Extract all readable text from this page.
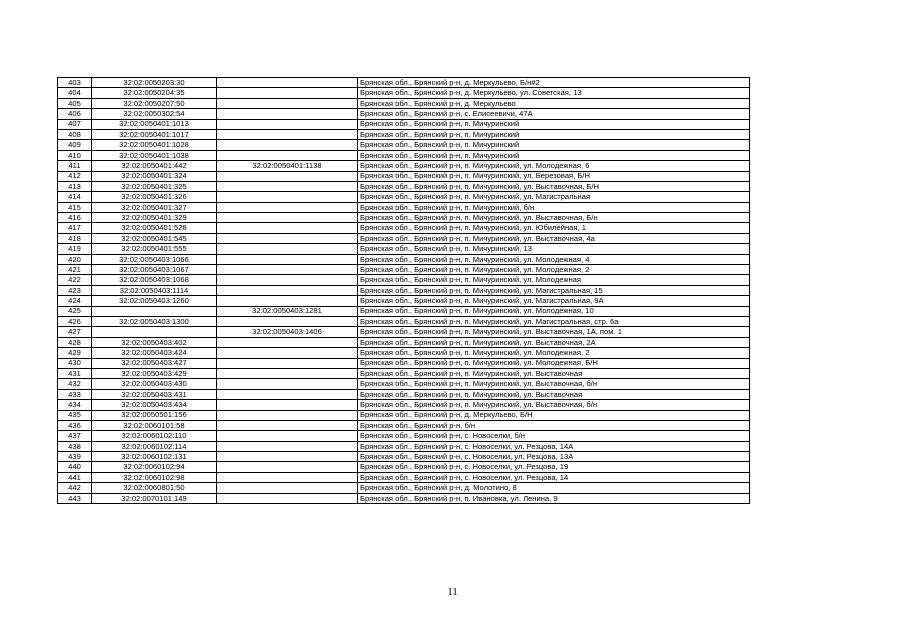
403	32:02:0050203:30		Брянская обл., Брянский р-н, д. Меркульево, Б/н#2
404	32:02:0050204:35		Брянская обл., Брянский р-н, д. Меркульево, ул. Советская, 13
405	32:02:0050207:50		Брянская обл., Брянский р-н, д. Меркульево
406	32:02:0050302:54		Брянская обл., Брянский р-н, с. Елисеевичи, 47А
407	32:02:0050401:1013		Брянская обл., Брянский р-н, п. Мичуринский
408	32:02:0050401:1017		Брянская обл., Брянский р-н, п. Мичуринский
409	32:02:0050401:1028		Брянская обл., Брянский р-н, п. Мичуринский
410	32:02:0050401:1038		Брянская обл., Брянский р-н, п. Мичуринский
411	32:02:0050401:442	32:02:0050401:1138	Брянская обл., Брянский р-н, п. Мичуринский, ул. Молодежная, 6
412	32:02:0050401:324		Брянская обл., Брянский р-н, п. Мичуринский, ул. Березовая, Б/Н
413	32:02:0050401:325		Брянская обл., Брянский р-н, п. Мичуринский, ул. Выставочная, Б/Н
414	32:02:0050401:326		Брянская обл., Брянский р-н, п. Мичуринский, ул. Магистральная
415	32:02:0050401:327		Брянская обл., Брянский р-н, п. Мичуринский, б/н
416	32:02:0050401:329		Брянская обл., Брянский р-н, п. Мичуринский, ул. Выставочная, Б/н
417	32:02:0050401:528		Брянская обл., Брянский р-н, п. Мичуринский, ул. Юбилейная, 1
418	32:02:0050401:545		Брянская обл., Брянский р-н, п. Мичуринский, ул. Выставочная, 4а
419	32:02:0050401:555		Брянская обл., Брянский р-н, п. Мичуринский, 13
420	32:02:0050403:1066		Брянская обл., Брянский р-н, п. Мичуринский, ул. Молодежная, 4
421	32:02:0050403:1067		Брянская обл., Брянский р-н, п. Мичуринский, ул. Молодежная, 2
422	32:02:0050403:1068		Брянская обл., Брянский р-н, п. Мичуринский, ул. Молодежная
423	32:02:0050403:1114		Брянская обл., Брянский р-н, п. Мичуринский, ул. Магистральная, 15
424	32:02:0050403:1260		Брянская обл., Брянский р-н, п. Мичуринский, ул. Магистральная, 9А
425		32:02:0050403:1281	Брянская обл., Брянский р-н, п. Мичуринский, ул. Молодежная, 10
426	32:02:0050403:1300		Брянская обл., Брянский р-н, п. Мичуринский, ул. Магистральная, стр. 6а
427		32:02:0050403:1406	Брянская обл., Брянский р-н, п. Мичуринский, ул. Выставочная, 1А, пом. 1
428	32:02:0050403:402		Брянская обл., Брянский р-н, п. Мичуринский, ул. Выставочная, 2А
429	32:02:0050403:424		Брянская обл., Брянский р-н, п. Мичуринский, ул. Молодежная, 2
430	32:02:0050403:427		Брянская обл., Брянский р-н, п. Мичуринский, ул. Молодежная, Б/Н
431	32:02:0050403:429		Брянская обл., Брянский р-н, п. Мичуринский, ул. Выставочная
432	32:02:0050403:430		Брянская обл., Брянский р-н, п. Мичуринский, ул. Выставочная, б/н
433	32:02:0050403:431		Брянская обл., Брянский р-н, п. Мичуринский, ул. Выставочная
434	32:02:0050403:434		Брянская обл., Брянский р-н, п. Мичуринский, ул. Выставочная, б/н
435	32:02:0050501:156		Брянская обл., Брянский р-н, д. Меркульево, Б/Н
436	32:02:0060101:58		Брянская обл., Брянский р-н, б/н
437	32:02:0060102:110		Брянская обл., Брянский р-н, с. Новоселки, б/н
438	32:02:0060102:114		Брянская обл., Брянский р-н, с. Новоселки, ул. Резцова, 14А
439	32:02:0060102:131		Брянская обл., Брянский р-н, с. Новоселки, ул. Резцова, 13А
440	32:02:0060102:94		Брянская обл., Брянский р-н, с. Новоселки, ул. Резцова, 19
441	32:02:0060102:98		Брянская обл., Брянский р-н, с. Новоселки, ул. Резцова, 14
442	32:02:0060801:50		Брянская обл., Брянский р-н, д. Молотино, 8
443	32:02:0070101:149		Брянская обл., Брянский р-н, п. Ивановка, ул. Ленина, 9
11
